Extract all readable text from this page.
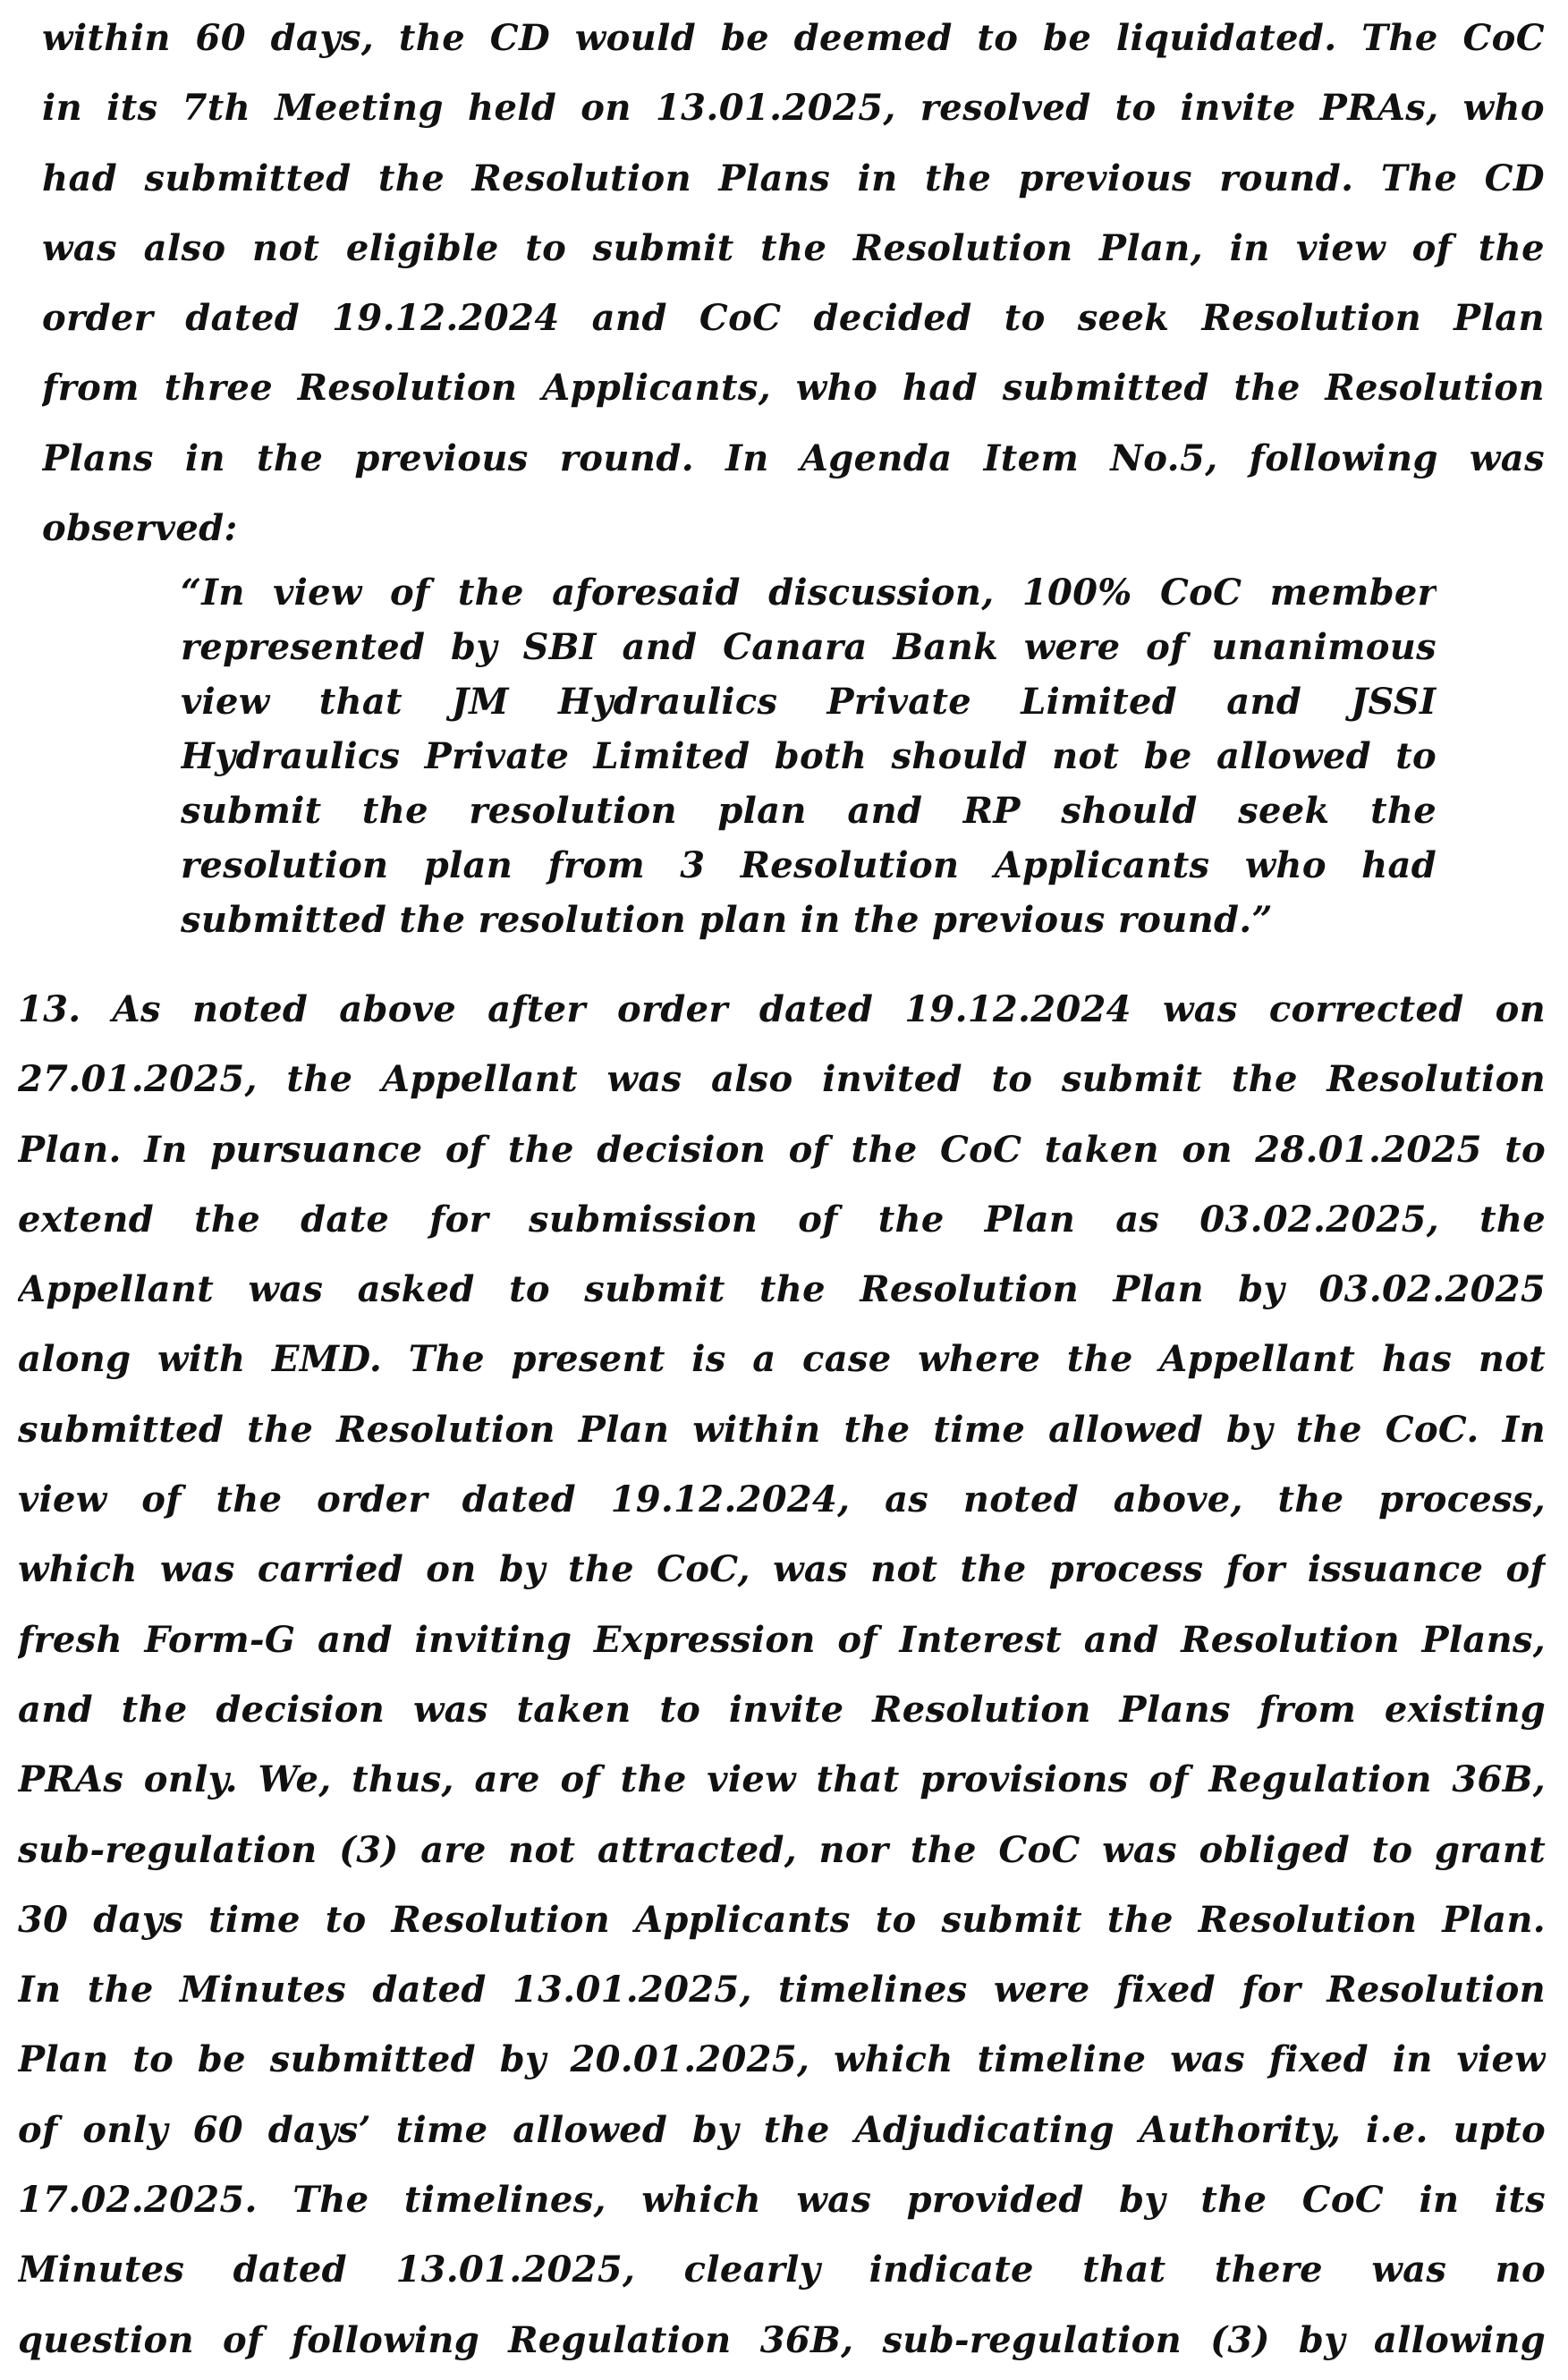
within 60 days, the CD would be deemed to be liquidated. The CoC
in its 7th Meeting held on 13.01.2025, resolved to invite PRAs, who
had submitted the Resolution Plans in the previous round. The CD
was also not eligible to submit the Resolution Plan, in view of the
order dated 19.12.2024 and CoC decided to seek Resolution Plan
from three Resolution Applicants, who had submitted the Resolution
Plans in the previous round. In Agenda Item No.5, following was
observed:
“In view of the aforesaid discussion, 100% CoC member
represented by SBI and Canara Bank were of unanimous
view that JM Hydraulics Private Limited and JSSI
Hydraulics Private Limited both should not be allowed to
submit the resolution plan and RP should seek the
resolution plan from 3 Resolution Applicants who had
submitted the resolution plan in the previous round.”
13. As noted above after order dated 19.12.2024 was corrected on
27.01.2025, the Appellant was also invited to submit the Resolution
Plan. In pursuance of the decision of the CoC taken on 28.01.2025 to
extend the date for submission of the Plan as 03.02.2025, the
Appellant was asked to submit the Resolution Plan by 03.02.2025
along with EMD. The present is a case where the Appellant has not
submitted the Resolution Plan within the time allowed by the CoC. In
view of the order dated 19.12.2024, as noted above, the process,
which was carried on by the CoC, was not the process for issuance of
fresh Form-G and inviting Expression of Interest and Resolution Plans,
and the decision was taken to invite Resolution Plans from existing
PRAs only. We, thus, are of the view that provisions of Regulation 36B,
sub-regulation (3) are not attracted, nor the CoC was obliged to grant
30 days time to Resolution Applicants to submit the Resolution Plan.
In the Minutes dated 13.01.2025, timelines were fixed for Resolution
Plan to be submitted by 20.01.2025, which timeline was fixed in view
of only 60 days’ time allowed by the Adjudicating Authority, i.e. upto
17.02.2025. The timelines, which was provided by the CoC in its
Minutes dated 13.01.2025, clearly indicate that there was no
question of following Regulation 36B, sub-regulation (3) by allowing
